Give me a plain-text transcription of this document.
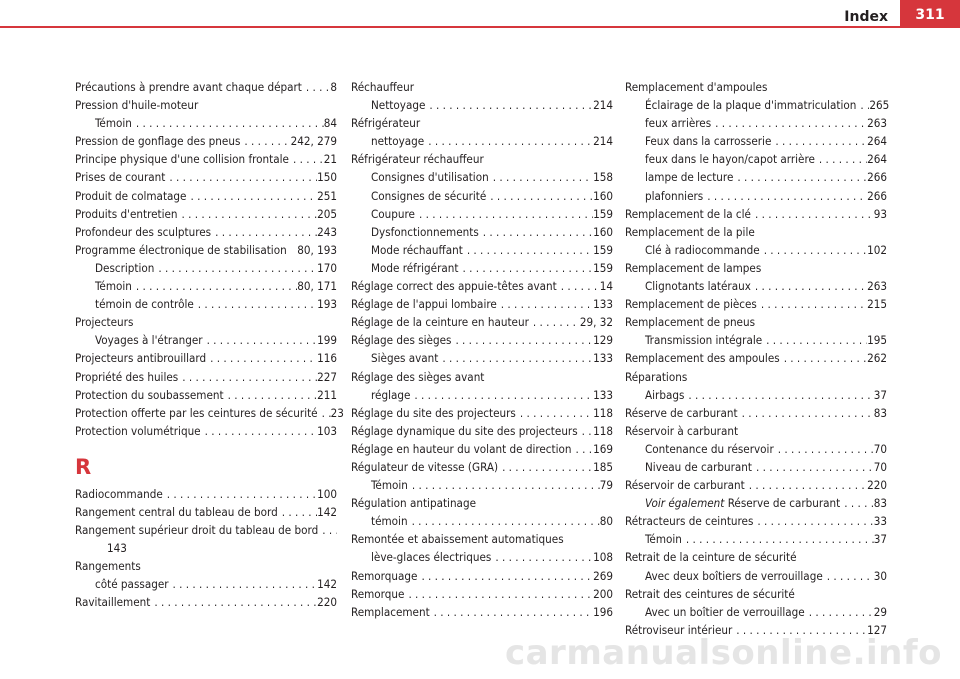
Index	311
Précautions à prendre avant chaque départ . . . 8
Pression d'huile-moteur
Témoin . . .	84
Pression de gonflage des pneus . . .	242, 279
Principe physique d'une collision frontale . . .	21
Prises de courant . . .	150
Produit de colmatage . . .	251
Produits d'entretien . . .	205
Profondeur des sculptures . . .	243
Programme électronique de stabilisation 80, 193
Description . . .	170
Témoin . . .	80, 171
témoin de contrôle . . .	193
Projecteurs
Voyages à l'étranger . . .	199
Projecteurs antibrouillard . . .	116
Propriété des huiles . . .	227
Protection du soubassement . . .	211
Protection offerte par les ceintures de sécurité . . . 23
Protection volumétrique . . .	103
R
Radiocommande . . .	100
Rangement central du tableau de bord . . .	142
Rangement supérieur droit du tableau de bord
. . .
143
Rangements
côté passager . . .	142
Ravitaillement . . .	220
Réchauffeur
Nettoyage . . .	214
Réfrigérateur
nettoyage . . .	214
Réfrigérateur réchauffeur
Consignes d'utilisation . . .	158
Consignes de sécurité . . .	160
Coupure . . .	159
Dysfonctionnements . . .	160
Mode réchauffant . . .	159
Mode réfrigérant . . .	159
Réglage correct des appuie-têtes avant . . .	14
Réglage de l'appui lombaire . . .	133
Réglage de la ceinture en hauteur . . .	29, 32
Réglage des sièges . . .	129
Sièges avant . . .	133
Réglage des sièges avant
réglage . . .	133
Réglage du site des projecteurs . . .	118
Réglage dynamique du site des projecteurs . . . 118
Réglage en hauteur du volant de direction . . . 169
Régulateur de vitesse (GRA) . . .	185
Témoin . . .	79
Régulation antipatinage
témoin . . .	80
Remontée et abaissement automatiques
lève-glaces électriques . . .	108
Remorquage . . .	269
Remorque . . .	200
Remplacement . . .	196
Remplacement d'ampoules
Éclairage de la plaque d'immatriculation . . . 265
feux arrières . . .	263
Feux dans la carrosserie . . .	264
feux dans le hayon/capot arrière . . .	264
lampe de lecture . . .	266
plafonniers . . .	266
Remplacement de la clé . . .	93
Remplacement de la pile
Clé à radiocommande . . .	102
Remplacement de lampes
Clignotants latéraux . . .	263
Remplacement de pièces . . .	215
Remplacement de pneus
Transmission intégrale . . .	195
Remplacement des ampoules . . .	262
Réparations
Airbags . . .	37
Réserve de carburant . . .	83
Réservoir à carburant
Contenance du réservoir . . .	70
Niveau de carburant . . .	70
Réservoir de carburant . . .	220
Voir également Réserve de carburant . . .	83
Rétracteurs de ceintures . . .	33
Témoin . . .	37
Retrait de la ceinture de sécurité
Avec deux boîtiers de verrouillage . . .	30
Retrait des ceintures de sécurité
Avec un boîtier de verrouillage . . .	29
Rétroviseur intérieur . . .	127
carmanualsonline.info
